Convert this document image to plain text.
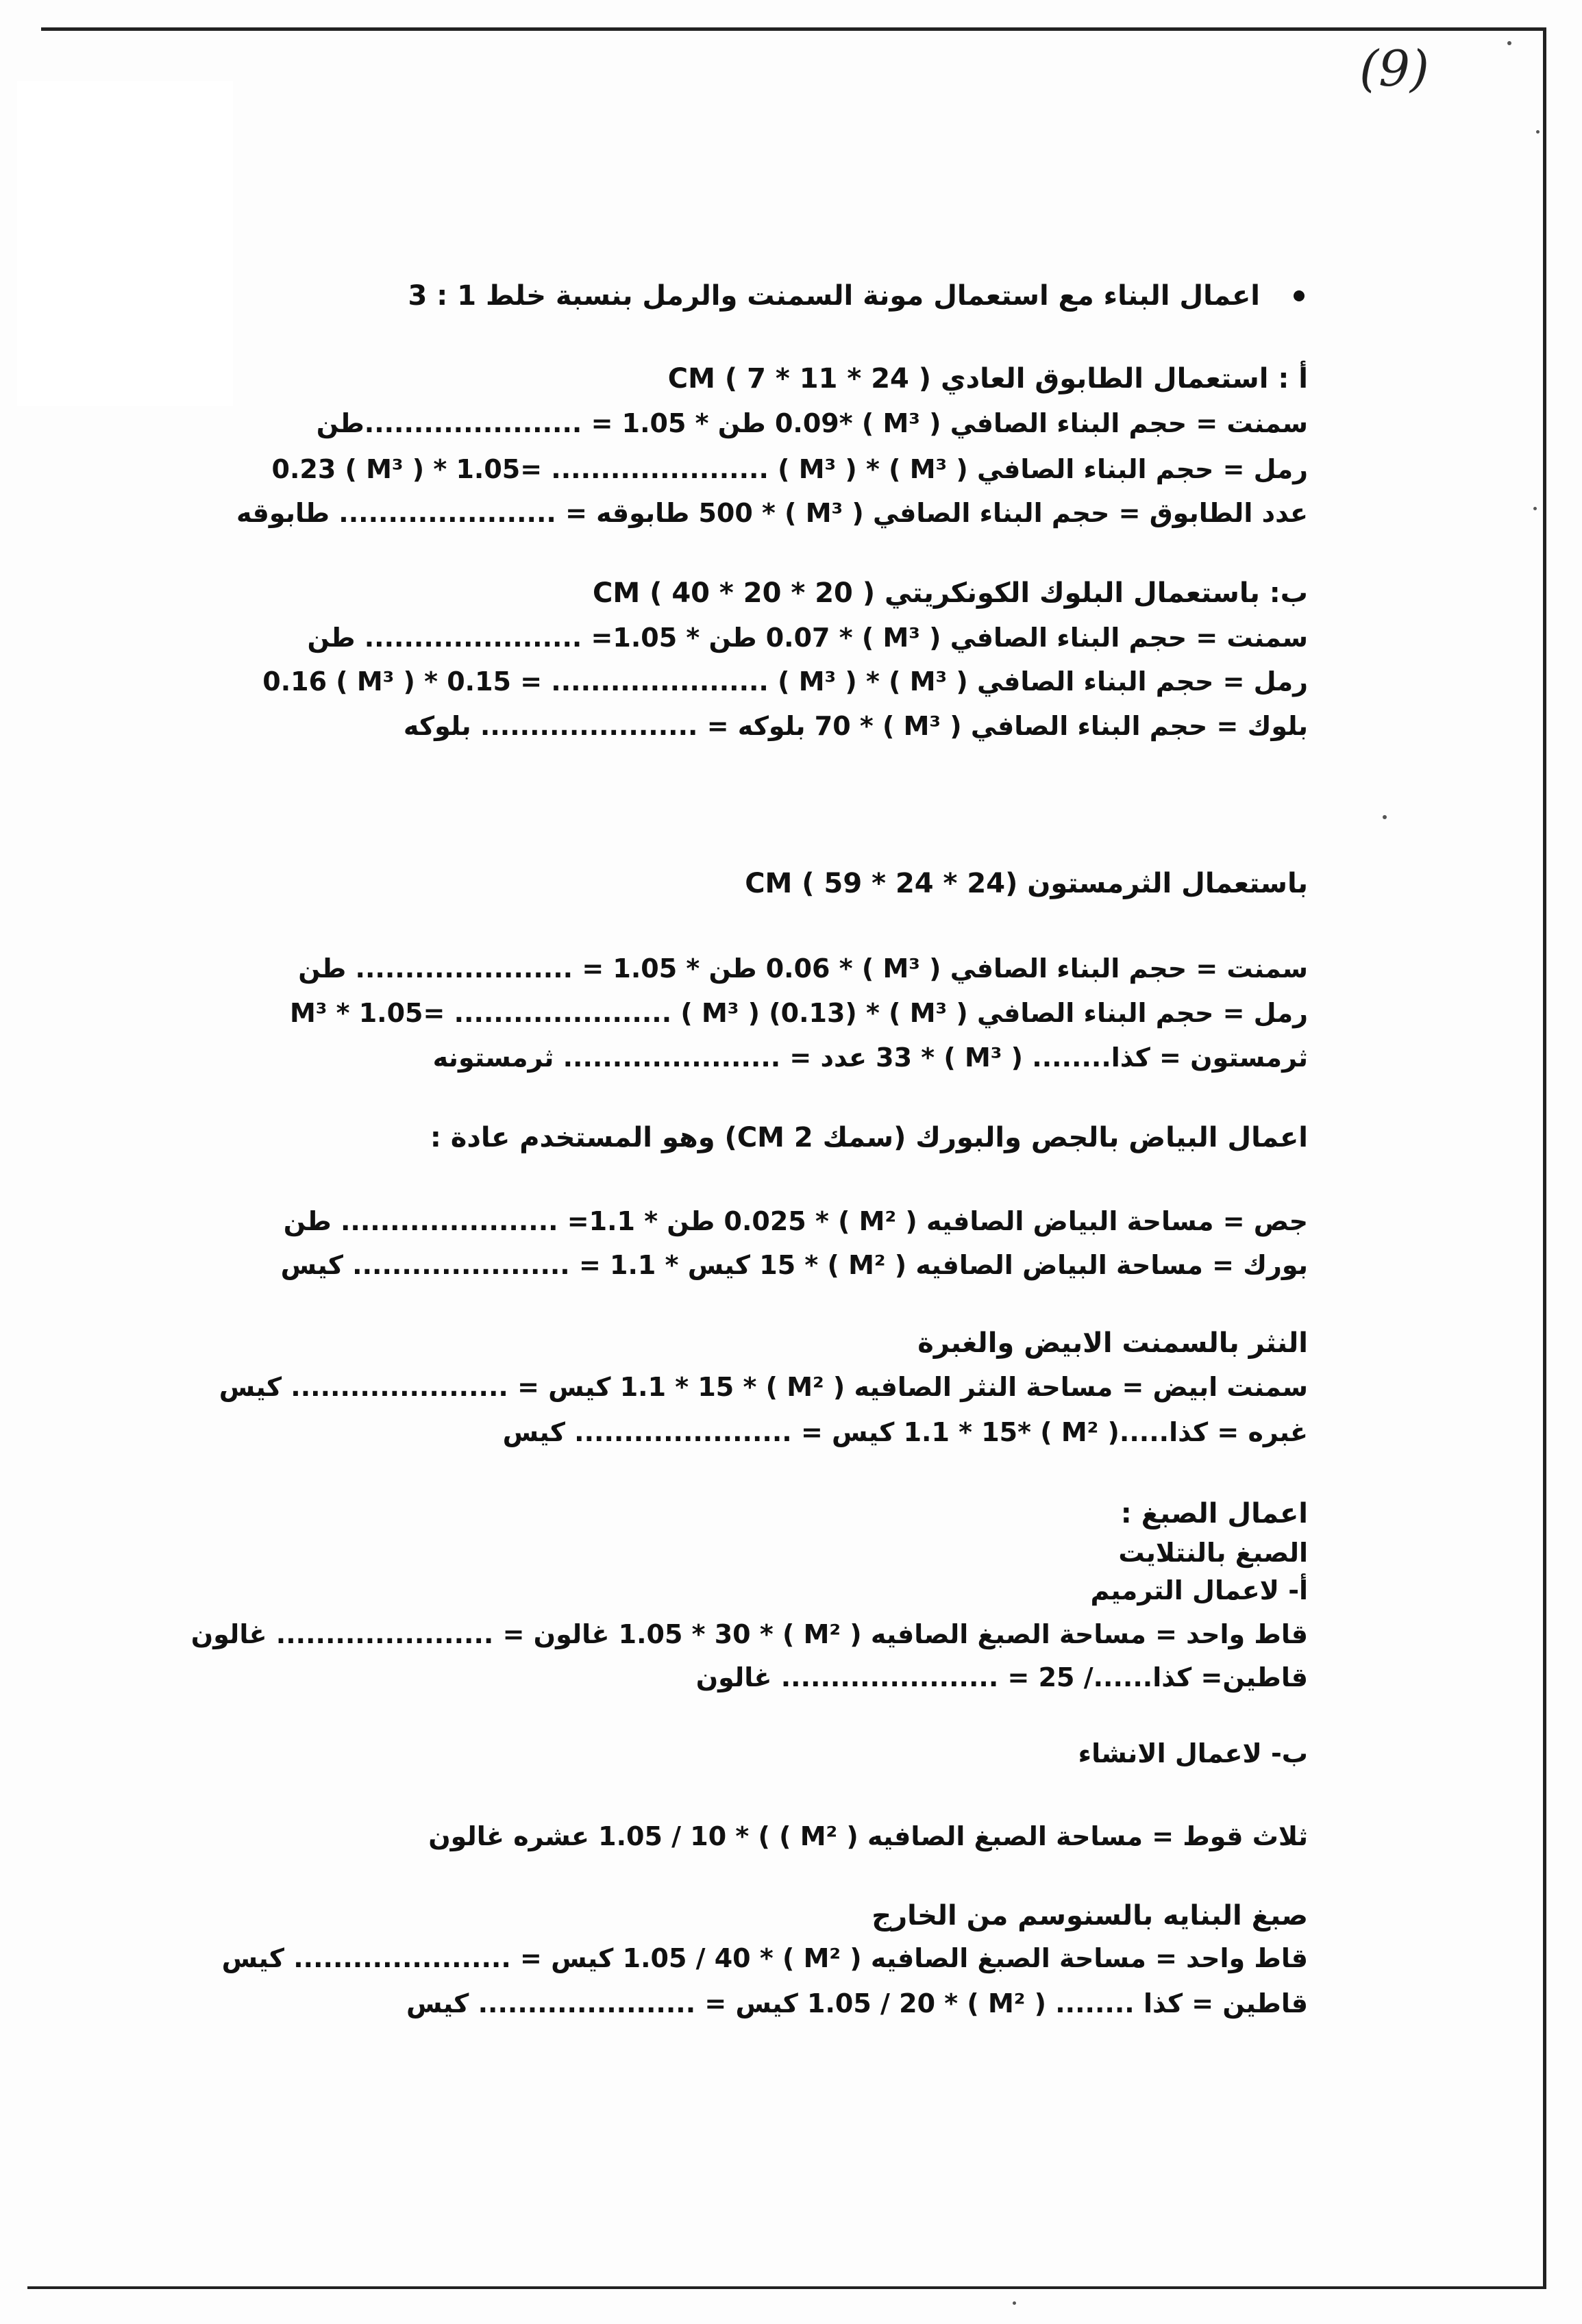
(9)
اعمال البناء مع استعمال مونة السمنت والرمل بنسبة خلط 1 : 3
أ : استعمال الطابوق العادي ( 24 * 11 * 7 ) CM
سمنت = حجم البناء الصافي ( M³ ) *0.09 طن * 1.05 = ......................طن
رمل = حجم البناء الصافي ( M³ ) * 0.23 ( M³ ) * 1.05= ...................... ( M³ )
عدد الطابوق = حجم البناء الصافي ( M³ ) * 500 طابوقه = ...................... طابوقه
ب: باستعمال البلوك الكونكريتي ( 20 * 20 * 40 ) CM
سمنت = حجم البناء الصافي ( M³ ) * 0.07 طن * 1.05= ...................... طن
رمل = حجم البناء الصافي ( M³ ) * 0.16 ( M³ ) * 0.15 = ...................... ( M³ )
بلوك = حجم البناء الصافي ( M³ ) * 70 بلوكه = ...................... بلوكه
باستعمال الثرمستون (24 * 24 * 59 ) CM
سمنت = حجم البناء الصافي ( M³ ) * 0.06 طن * 1.05 = ...................... طن
رمل = حجم البناء الصافي ( M³ ) * (0.13) M³ * 1.05= ...................... ( M³ )
ثرمستون = كذا........ ( M³ ) * 33 عدد = ...................... ثرمستونه
اعمال البياض بالجص والبورك (سمك CM 2) وهو المستخدم عادة :
جص = مساحة البياض الصافيه ( M² ) * 0.025 طن * 1.1= ...................... طن
بورك = مساحة البياض الصافيه ( M² ) * 15 كيس * 1.1 = ...................... كيس
النثر بالسمنت الابيض والغبرة
سمنت ابيض = مساحة النثر الصافيه ( M² ) * 1.1 * 15 كيس = ...................... كيس
غبره = كذا.....( M² ) *1.1 * 15 كيس = ...................... كيس
اعمال الصبغ :
الصبغ بالنتلايت
أ- لاعمال الترميم
قاط واحد = مساحة الصبغ الصافيه ( M² ) * 1.05 * 30 غالون = ...................... غالون
قاطين= كذا....../ 25 = ...................... غالون
ب- لاعمال الانشاء
ثلاث قوط = مساحة الصبغ الصافيه ( M² ) ) * 1.05 / 10 عشره غالون
صبغ البنايه بالسنوسم من الخارج
قاط واحد = مساحة الصبغ الصافيه ( M² ) * 1.05 / 40 كيس = ...................... كيس
قاطين = كذا ........ ( M² ) * 1.05 / 20 كيس = ...................... كيس
